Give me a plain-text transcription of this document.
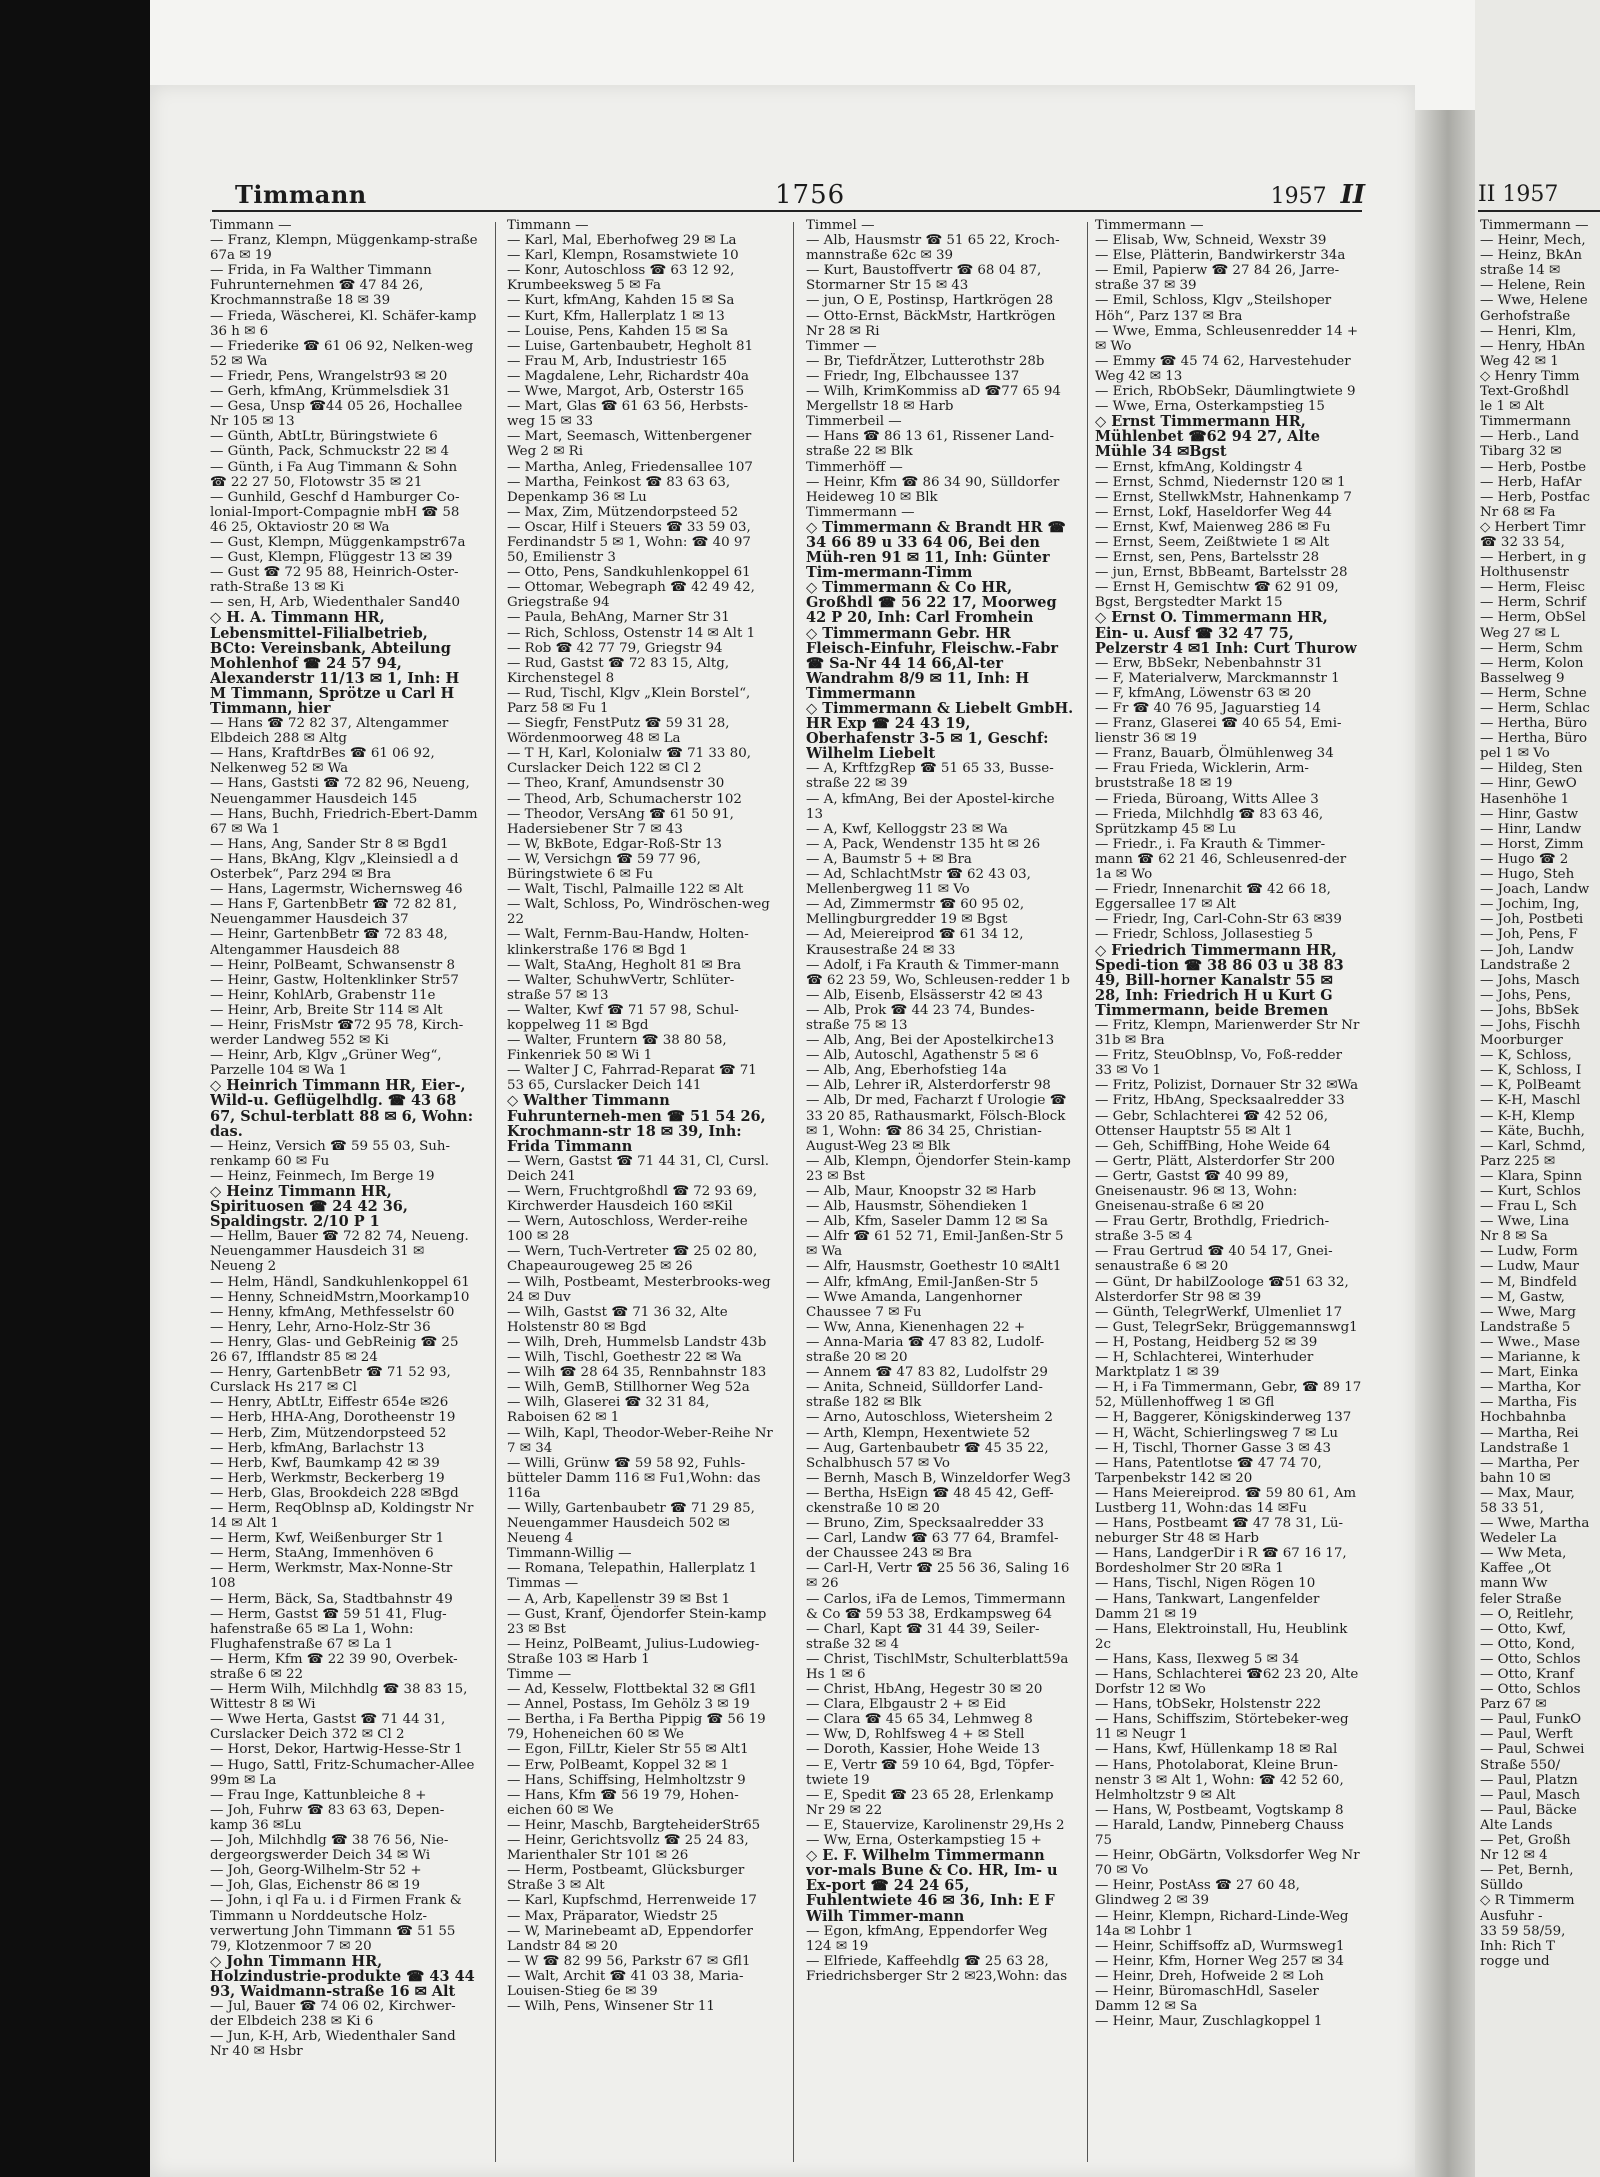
Timmann	1756	1957 II
Timmann —
— Franz, Klempn, Müggenkamp-straße 67a ✉ 19
— Frida, in Fa Walther Timmann Fuhrunternehmen ☎ 47 84 26, Krochmannstraße 18 ✉ 39
— Frieda, Wäscherei, Kl. Schäfer-kamp 36 h ✉ 6
— Friederike ☎ 61 06 92, Nelken-weg 52 ✉ Wa
— Friedr, Pens, Wrangelstr93 ✉ 20
— Gerh, kfmAng, Krümmelsdiek 31
— Gesa, Unsp ☎44 05 26, Hochallee Nr 105 ✉ 13
— Günth, AbtLtr, Büringstwiete 6
— Günth, Pack, Schmuckstr 22 ✉ 4
— Günth, i Fa Aug Timmann & Sohn ☎ 22 27 50, Flotowstr 35 ✉ 21
— Gunhild, Geschf d Hamburger Co-lonial-Import-Compagnie mbH ☎ 58 46 25, Oktaviostr 20 ✉ Wa
— Gust, Klempn, Müggenkampstr67a
— Gust, Klempn, Flüggestr 13 ✉ 39
— Gust ☎ 72 95 88, Heinrich-Oster-rath-Straße 13 ✉ Ki
— sen, H, Arb, Wiedenthaler Sand40
◇ H. A. Timmann HR, Lebensmittel-Filialbetrieb, BCto: Vereinsbank, Abteilung Mohlenhof ☎ 24 57 94, Alexanderstr 11/13 ✉ 1, Inh: H M Timmann, Sprötze u Carl H Timmann, hier
— Hans ☎ 72 82 37, Altengammer Elbdeich 288 ✉ Altg
— Hans, KraftdrBes ☎ 61 06 92, Nelkenweg 52 ✉ Wa
— Hans, Gaststi ☎ 72 82 96, Neueng, Neuengammer Hausdeich 145
— Hans, Buchh, Friedrich-Ebert-Damm 67 ✉ Wa 1
— Hans, Ang, Sander Str 8 ✉ Bgd1
— Hans, BkAng, Klgv „Kleinsiedl a d Osterbek“, Parz 294 ✉ Bra
— Hans, Lagermstr, Wichernsweg 46
— Hans F, GartenbBetr ☎ 72 82 81, Neuengammer Hausdeich 37
— Heinr, GartenbBetr ☎ 72 83 48, Altengammer Hausdeich 88
— Heinr, PolBeamt, Schwansenstr 8
— Heinr, Gastw, Holtenklinker Str57
— Heinr, KohlArb, Grabenstr 11e
— Heinr, Arb, Breite Str 114 ✉ Alt
— Heinr, FrisMstr ☎72 95 78, Kirch-werder Landweg 552 ✉ Ki
— Heinr, Arb, Klgv „Grüner Weg“, Parzelle 104 ✉ Wa 1
◇ Heinrich Timmann HR, Eier-, Wild-u. Geflügelhdlg. ☎ 43 68 67, Schul-terblatt 88 ✉ 6, Wohn: das.
— Heinz, Versich ☎ 59 55 03, Suh-renkamp 60 ✉ Fu
— Heinz, Feinmech, Im Berge 19
◇ Heinz Timmann HR, Spirituosen ☎ 24 42 36, Spaldingstr. 2/10 P 1
— Hellm, Bauer ☎ 72 82 74, Neueng. Neuengammer Hausdeich 31 ✉ Neueng 2
— Helm, Händl, Sandkuhlenkoppel 61
— Henny, SchneidMstrn,Moorkamp10
— Henny, kfmAng, Methfesselstr 60
— Henry, Lehr, Arno-Holz-Str 36
— Henry, Glas- und GebReinig ☎ 25 26 67, Ifflandstr 85 ✉ 24
— Henry, GartenbBetr ☎ 71 52 93, Curslack Hs 217 ✉ Cl
— Henry, AbtLtr, Eiffestr 654e ✉26
— Herb, HHA-Ang, Dorotheenstr 19
— Herb, Zim, Mützendorpsteed 52
— Herb, kfmAng, Barlachstr 13
— Herb, Kwf, Baumkamp 42 ✉ 39
— Herb, Werkmstr, Beckerberg 19
— Herb, Glas, Brookdeich 228 ✉Bgd
— Herm, ReqOblnsp aD, Koldingstr Nr 14 ✉ Alt 1
— Herm, Kwf, Weißenburger Str 1
— Herm, StaAng, Immenhöven 6
— Herm, Werkmstr, Max-Nonne-Str 108
— Herm, Bäck, Sa, Stadtbahnstr 49
— Herm, Gastst ☎ 59 51 41, Flug-hafenstraße 65 ✉ La 1, Wohn: Flughafenstraße 67 ✉ La 1
— Herm, Kfm ☎ 22 39 90, Overbek-straße 6 ✉ 22
— Herm Wilh, Milchhdlg ☎ 38 83 15, Wittestr 8 ✉ Wi
— Wwe Herta, Gastst ☎ 71 44 31, Curslacker Deich 372 ✉ Cl 2
— Horst, Dekor, Hartwig-Hesse-Str 1
— Hugo, Sattl, Fritz-Schumacher-Allee 99m ✉ La
— Frau Inge, Kattunbleiche 8 +
— Joh, Fuhrw ☎ 83 63 63, Depen-kamp 36 ✉Lu
— Joh, Milchhdlg ☎ 38 76 56, Nie-dergeorgswerder Deich 34 ✉ Wi
— Joh, Georg-Wilhelm-Str 52 +
— Joh, Glas, Eichenstr 86 ✉ 19
— John, i ql Fa u. i d Firmen Frank & Timmann u Norddeutsche Holz-verwertung John Timmann ☎ 51 55 79, Klotzenmoor 7 ✉ 20
◇ John Timmann HR, Holzindustrie-produkte ☎ 43 44 93, Waidmann-straße 16 ✉ Alt
— Jul, Bauer ☎ 74 06 02, Kirchwer-der Elbdeich 238 ✉ Ki 6
— Jun, K-H, Arb, Wiedenthaler Sand Nr 40 ✉ Hsbr
Timmann —
— Karl, Mal, Eberhofweg 29 ✉ La
— Karl, Klempn, Rosamstwiete 10
— Konr, Autoschloss ☎ 63 12 92, Krumbeeksweg 5 ✉ Fa
— Kurt, kfmAng, Kahden 15 ✉ Sa
— Kurt, Kfm, Hallerplatz 1 ✉ 13
— Louise, Pens, Kahden 15 ✉ Sa
— Luise, Gartenbaubetr, Hegholt 81
— Frau M, Arb, Industriestr 165
— Magdalene, Lehr, Richardstr 40a
— Wwe, Margot, Arb, Osterstr 165
— Mart, Glas ☎ 61 63 56, Herbsts-weg 15 ✉ 33
— Mart, Seemasch, Wittenbergener Weg 2 ✉ Ri
— Martha, Anleg, Friedensallee 107
— Martha, Feinkost ☎ 83 63 63, Depenkamp 36 ✉ Lu
— Max, Zim, Mützendorpsteed 52
— Oscar, Hilf i Steuers ☎ 33 59 03, Ferdinandstr 5 ✉ 1, Wohn: ☎ 40 97 50, Emilienstr 3
— Otto, Pens, Sandkuhlenkoppel 61
— Ottomar, Webegraph ☎ 42 49 42, Griegstraße 94
— Paula, BehAng, Marner Str 31
— Rich, Schloss, Ostenstr 14 ✉ Alt 1
— Rob ☎ 42 77 79, Griegstr 94
— Rud, Gastst ☎ 72 83 15, Altg, Kirchenstegel 8
— Rud, Tischl, Klgv „Klein Borstel“, Parz 58 ✉ Fu 1
— Siegfr, FenstPutz ☎ 59 31 28, Wördenmoorweg 48 ✉ La
— T H, Karl, Kolonialw ☎ 71 33 80, Curslacker Deich 122 ✉ Cl 2
— Theo, Kranf, Amundsenstr 30
— Theod, Arb, Schumacherstr 102
— Theodor, VersAng ☎ 61 50 91, Hadersiebener Str 7 ✉ 43
— W, BkBote, Edgar-Roß-Str 13
— W, Versichgn ☎ 59 77 96, Büringstwiete 6 ✉ Fu
— Walt, Tischl, Palmaille 122 ✉ Alt
— Walt, Schloss, Po, Windröschen-weg 22
— Walt, Fernm-Bau-Handw, Holten-klinkerstraße 176 ✉ Bgd 1
— Walt, StaAng, Hegholt 81 ✉ Bra
— Walter, SchuhwVertr, Schlüter-straße 57 ✉ 13
— Walter, Kwf ☎ 71 57 98, Schul-koppelweg 11 ✉ Bgd
— Walter, Fruntern ☎ 38 80 58, Finkenriek 50 ✉ Wi 1
— Walter J C, Fahrrad-Reparat ☎ 71 53 65, Curslacker Deich 141
◇ Walther Timmann Fuhrunterneh-men ☎ 51 54 26, Krochmann-str 18 ✉ 39, Inh: Frida Timmann
— Wern, Gastst ☎ 71 44 31, Cl, Cursl. Deich 241
— Wern, Fruchtgroßhdl ☎ 72 93 69, Kirchwerder Hausdeich 160 ✉Kil
— Wern, Autoschloss, Werder-reihe 100 ✉ 28
— Wern, Tuch-Vertreter ☎ 25 02 80, Chapeaurougeweg 25 ✉ 26
— Wilh, Postbeamt, Mesterbrooks-weg 24 ✉ Duv
— Wilh, Gastst ☎ 71 36 32, Alte Holstenstr 80 ✉ Bgd
— Wilh, Dreh, Hummelsb Landstr 43b
— Wilh, Tischl, Goethestr 22 ✉ Wa
— Wilh ☎ 28 64 35, Rennbahnstr 183
— Wilh, GemB, Stillhorner Weg 52a
— Wilh, Glaserei ☎ 32 31 84, Raboisen 62 ✉ 1
— Wilh, Kapl, Theodor-Weber-Reihe Nr 7 ✉ 34
— Willi, Grünw ☎ 59 58 92, Fuhls-bütteler Damm 116 ✉ Fu1,Wohn: das 116a
— Willy, Gartenbaubetr ☎ 71 29 85, Neuengammer Hausdeich 502 ✉ Neueng 4
Timmann-Willig —
— Romana, Telepathin, Hallerplatz 1
Timmas —
— A, Arb, Kapellenstr 39 ✉ Bst 1
— Gust, Kranf, Öjendorfer Stein-kamp 23 ✉ Bst
— Heinz, PolBeamt, Julius-Ludowieg-Straße 103 ✉ Harb 1
Timme —
— Ad, Kesselw, Flottbektal 32 ✉ Gfl1
— Annel, Postass, Im Gehölz 3 ✉ 19
— Bertha, i Fa Bertha Pippig ☎ 56 19 79, Hoheneichen 60 ✉ We
— Egon, FilLtr, Kieler Str 55 ✉ Alt1
— Erw, PolBeamt, Koppel 32 ✉ 1
— Hans, Schiffsing, Helmholtzstr 9
— Hans, Kfm ☎ 56 19 79, Hohen-eichen 60 ✉ We
— Heinr, Maschb, BargteheiderStr65
— Heinr, Gerichtsvollz ☎ 25 24 83, Marienthaler Str 101 ✉ 26
— Herm, Postbeamt, Glücksburger Straße 3 ✉ Alt
— Karl, Kupfschmd, Herrenweide 17
— Max, Präparator, Wiedstr 25
— W, Marinebeamt aD, Eppendorfer Landstr 84 ✉ 20
— W ☎ 82 99 56, Parkstr 67 ✉ Gfl1
— Walt, Archit ☎ 41 03 38, Maria-Louisen-Stieg 6e ✉ 39
— Wilh, Pens, Winsener Str 11
Timmel —
— Alb, Hausmstr ☎ 51 65 22, Kroch-mannstraße 62c ✉ 39
— Kurt, Baustoffvertr ☎ 68 04 87, Stormarner Str 15 ✉ 43
— jun, O E, Postinsp, Hartkrögen 28
— Otto-Ernst, BäckMstr, Hartkrögen Nr 28 ✉ Ri
Timmer —
— Br, TiefdrÄtzer, Lutterothstr 28b
— Friedr, Ing, Elbchaussee 137
— Wilh, KrimKommiss aD ☎77 65 94 Mergellstr 18 ✉ Harb
Timmerbeil —
— Hans ☎ 86 13 61, Rissener Land-straße 22 ✉ Blk
Timmerhöff —
— Heinr, Kfm ☎ 86 34 90, Sülldorfer Heideweg 10 ✉ Blk
Timmermann —
◇ Timmermann & Brandt HR ☎ 34 66 89 u 33 64 06, Bei den Müh-ren 91 ✉ 11, Inh: Günter Tim-mermann-Timm
◇ Timmermann & Co HR, Großhdl ☎ 56 22 17, Moorweg 42 P 20, Inh: Carl Fromhein
◇ Timmermann Gebr. HR Fleisch-Einfuhr, Fleischw.-Fabr ☎ Sa-Nr 44 14 66,Al-ter Wandrahm 8/9 ✉ 11, Inh: H Timmermann
◇ Timmermann & Liebelt GmbH. HR Exp ☎ 24 43 19, Oberhafenstr 3-5 ✉ 1, Geschf: Wilhelm Liebelt
— A, KrftfzgRep ☎ 51 65 33, Busse-straße 22 ✉ 39
— A, kfmAng, Bei der Apostel-kirche 13
— A, Kwf, Kelloggstr 23 ✉ Wa
— A, Pack, Wendenstr 135 ht ✉ 26
— A, Baumstr 5 + ✉ Bra
— Ad, SchlachtMstr ☎ 62 43 03, Mellenbergweg 11 ✉ Vo
— Ad, Zimmermstr ☎ 60 95 02, Mellingburgredder 19 ✉ Bgst
— Ad, Meiereiprod ☎ 61 34 12, Krausestraße 24 ✉ 33
— Adolf, i Fa Krauth & Timmer-mann ☎ 62 23 59, Wo, Schleusen-redder 1 b
— Alb, Eisenb, Elsässerstr 42 ✉ 43
— Alb, Prok ☎ 44 23 74, Bundes-straße 75 ✉ 13
— Alb, Ang, Bei der Apostelkirche13
— Alb, Autoschl, Agathenstr 5 ✉ 6
— Alb, Ang, Eberhofstieg 14a
— Alb, Lehrer iR, Alsterdorferstr 98
— Alb, Dr med, Facharzt f Urologie ☎ 33 20 85, Rathausmarkt, Fölsch-Block ✉ 1, Wohn: ☎ 86 34 25, Christian-August-Weg 23 ✉ Blk
— Alb, Klempn, Öjendorfer Stein-kamp 23 ✉ Bst
— Alb, Maur, Knoopstr 32 ✉ Harb
— Alb, Hausmstr, Söhendieken 1
— Alb, Kfm, Saseler Damm 12 ✉ Sa
— Alfr ☎ 61 52 71, Emil-Janßen-Str 5 ✉ Wa
— Alfr, Hausmstr, Goethestr 10 ✉Alt1
— Alfr, kfmAng, Emil-Janßen-Str 5
— Wwe Amanda, Langenhorner Chaussee 7 ✉ Fu
— Ww, Anna, Kienenhagen 22 +
— Anna-Maria ☎ 47 83 82, Ludolf-straße 20 ✉ 20
— Annem ☎ 47 83 82, Ludolfstr 29
— Anita, Schneid, Sülldorfer Land-straße 182 ✉ Blk
— Arno, Autoschloss, Wietersheim 2
— Arth, Klempn, Hexentwiete 52
— Aug, Gartenbaubetr ☎ 45 35 22, Schalbhusch 57 ✉ Vo
— Bernh, Masch B, Winzeldorfer Weg3
— Bertha, HsEign ☎ 48 45 42, Geff-ckenstraße 10 ✉ 20
— Bruno, Zim, Specksaalredder 33
— Carl, Landw ☎ 63 77 64, Bramfel-der Chaussee 243 ✉ Bra
— Carl-H, Vertr ☎ 25 56 36, Saling 16 ✉ 26
— Carlos, iFa de Lemos, Timmermann & Co ☎ 59 53 38, Erdkampsweg 64
— Charl, Kapt ☎ 31 44 39, Seiler-straße 32 ✉ 4
— Christ, TischlMstr, Schulterblatt59a Hs 1 ✉ 6
— Christ, HbAng, Hegestr 30 ✉ 20
— Clara, Elbgaustr 2 + ✉ Eid
— Clara ☎ 45 65 34, Lehmweg 8
— Ww, D, Rohlfsweg 4 + ✉ Stell
— Doroth, Kassier, Hohe Weide 13
— E, Vertr ☎ 59 10 64, Bgd, Töpfer-twiete 19
— E, Spedit ☎ 23 65 28, Erlenkamp Nr 29 ✉ 22
— E, Stauervize, Karolinenstr 29,Hs 2
— Ww, Erna, Osterkampstieg 15 +
◇ E. F. Wilhelm Timmermann vor-mals Bune & Co. HR, Im- u Ex-port ☎ 24 24 65, Fuhlentwiete 46 ✉ 36, Inh: E F Wilh Timmer-mann
— Egon, kfmAng, Eppendorfer Weg 124 ✉ 19
— Elfriede, Kaffeehdlg ☎ 25 63 28, Friedrichsberger Str 2 ✉23,Wohn: das
Timmermann —
— Elisab, Ww, Schneid, Wexstr 39
— Else, Plätterin, Bandwirkerstr 34a
— Emil, Papierw ☎ 27 84 26, Jarre-straße 37 ✉ 39
— Emil, Schloss, Klgv „Steilshoper Höh“, Parz 137 ✉ Bra
— Wwe, Emma, Schleusenredder 14 + ✉ Wo
— Emmy ☎ 45 74 62, Harvestehuder Weg 42 ✉ 13
— Erich, RbObSekr, Däumlingtwiete 9
— Wwe, Erna, Osterkampstieg 15
◇ Ernst Timmermann HR, Mühlenbet ☎62 94 27, Alte Mühle 34 ✉Bgst
— Ernst, kfmAng, Koldingstr 4
— Ernst, Schmd, Niedernstr 120 ✉ 1
— Ernst, StellwkMstr, Hahnenkamp 7
— Ernst, Lokf, Haseldorfer Weg 44
— Ernst, Kwf, Maienweg 286 ✉ Fu
— Ernst, Seem, Zeißtwiete 1 ✉ Alt
— Ernst, sen, Pens, Bartelsstr 28
— jun, Ernst, BbBeamt, Bartelsstr 28
— Ernst H, Gemischtw ☎ 62 91 09, Bgst, Bergstedter Markt 15
◇ Ernst O. Timmermann HR, Ein- u. Ausf ☎ 32 47 75, Pelzerstr 4 ✉1 Inh: Curt Thurow
— Erw, BbSekr, Nebenbahnstr 31
— F, Materialverw, Marckmannstr 1
— F, kfmAng, Löwenstr 63 ✉ 20
— Fr ☎ 40 76 95, Jaguarstieg 14
— Franz, Glaserei ☎ 40 65 54, Emi-lienstr 36 ✉ 19
— Franz, Bauarb, Ölmühlenweg 34
— Frau Frieda, Wicklerin, Arm-bruststraße 18 ✉ 19
— Frieda, Büroang, Witts Allee 3
— Frieda, Milchhdlg ☎ 83 63 46, Sprützkamp 45 ✉ Lu
— Friedr., i. Fa Krauth & Timmer-mann ☎ 62 21 46, Schleusenred-der 1a ✉ Wo
— Friedr, Innenarchit ☎ 42 66 18, Eggersallee 17 ✉ Alt
— Friedr, Ing, Carl-Cohn-Str 63 ✉39
— Friedr, Schloss, Jollasestieg 5
◇ Friedrich Timmermann HR, Spedi-tion ☎ 38 86 03 u 38 83 49, Bill-horner Kanalstr 55 ✉ 28, Inh: Friedrich H u Kurt G Timmermann, beide Bremen
— Fritz, Klempn, Marienwerder Str Nr 31b ✉ Bra
— Fritz, SteuOblnsp, Vo, Foß-redder 33 ✉ Vo 1
— Fritz, Polizist, Dornauer Str 32 ✉Wa
— Fritz, HbAng, Specksaalredder 33
— Gebr, Schlachterei ☎ 42 52 06, Ottenser Hauptstr 55 ✉ Alt 1
— Geh, SchiffBing, Hohe Weide 64
— Gertr, Plätt, Alsterdorfer Str 200
— Gertr, Gastst ☎ 40 99 89, Gneisenaustr. 96 ✉ 13, Wohn: Gneisenau-straße 6 ✉ 20
— Frau Gertr, Brothdlg, Friedrich-straße 3-5 ✉ 4
— Frau Gertrud ☎ 40 54 17, Gnei-senaustraße 6 ✉ 20
— Günt, Dr habilZoologe ☎51 63 32, Alsterdorfer Str 98 ✉ 39
— Günth, TelegrWerkf, Ulmenliet 17
— Gust, TelegrSekr, Brüggemannswg1
— H, Postang, Heidberg 52 ✉ 39
— H, Schlachterei, Winterhuder Marktplatz 1 ✉ 39
— H, i Fa Timmermann, Gebr, ☎ 89 17 52, Müllenhoffweg 1 ✉ Gfl
— H, Baggerer, Königskinderweg 137
— H, Wächt, Schierlingsweg 7 ✉ Lu
— H, Tischl, Thorner Gasse 3 ✉ 43
— Hans, Patentlotse ☎ 47 74 70, Tarpenbekstr 142 ✉ 20
— Hans Meiereiprod. ☎ 59 80 61, Am Lustberg 11, Wohn:das 14 ✉Fu
— Hans, Postbeamt ☎ 47 78 31, Lü-neburger Str 48 ✉ Harb
— Hans, LandgerDir i R ☎ 67 16 17, Bordesholmer Str 20 ✉Ra 1
— Hans, Tischl, Nigen Rögen 10
— Hans, Tankwart, Langenfelder Damm 21 ✉ 19
— Hans, Elektroinstall, Hu, Heublink 2c
— Hans, Kass, Ilexweg 5 ✉ 34
— Hans, Schlachterei ☎62 23 20, Alte Dorfstr 12 ✉ Wo
— Hans, tObSekr, Holstenstr 222
— Hans, Schiffszim, Störtebeker-weg 11 ✉ Neugr 1
— Hans, Kwf, Hüllenkamp 18 ✉ Ral
— Hans, Photolaborat, Kleine Brun-nenstr 3 ✉ Alt 1, Wohn: ☎ 42 52 60, Helmholtzstr 9 ✉ Alt
— Hans, W, Postbeamt, Vogtskamp 8
— Harald, Landw, Pinneberg Chauss 75
— Heinr, ObGärtn, Volksdorfer Weg Nr 70 ✉ Vo
— Heinr, PostAss ☎ 27 60 48, Glindweg 2 ✉ 39
— Heinr, Klempn, Richard-Linde-Weg 14a ✉ Lohbr 1
— Heinr, Schiffsoffz aD, Wurmsweg1
— Heinr, Kfm, Horner Weg 257 ✉ 34
— Heinr, Dreh, Hofweide 2 ✉ Loh
— Heinr, BüromaschHdl, Saseler Damm 12 ✉ Sa
— Heinr, Maur, Zuschlagkoppel 1
II 1957
Timmermann —
— Heinr, Mech,
— Heinz, BkAn
straße 14 ✉
— Helene, Rein
— Wwe, Helene
Gerhofstraße
— Henri, Klm,
— Henry, HbAn
Weg 42 ✉ 1
◇ Henry Timm
Text-Großhdl
le 1 ✉ Alt
Timmermann
— Herb., Land
Tibarg 32 ✉
— Herb, Postbe
— Herb, HafAr
— Herb, Postfac
Nr 68 ✉ Fa
◇ Herbert Timr
☎ 32 33 54,
— Herbert, in g
Holthusenstr
— Herm, Fleisc
— Herm, Schrif
— Herm, ObSel
Weg 27 ✉ L
— Herm, Schm
— Herm, Kolon
Basselweg 9
— Herm, Schne
— Herm, Schlac
— Hertha, Büro
— Hertha, Büro
pel 1 ✉ Vo
— Hildeg, Sten
— Hinr, GewO
Hasenhöhe 1
— Hinr, Gastw
— Hinr, Landw
— Horst, Zimm
— Hugo ☎ 2
— Hugo, Steh
— Joach, Landw
— Jochim, Ing,
— Joh, Postbeti
— Joh, Pens, F
— Joh, Landw
Landstraße 2
— Johs, Masch
— Johs, Pens,
— Johs, BbSek
— Johs, Fischh
Moorburger
— K, Schloss,
— K, Schloss, I
— K, PolBeamt
— K-H, Maschl
— K-H, Klemp
— Käte, Buchh,
— Karl, Schmd,
Parz 225 ✉
— Klara, Spinn
— Kurt, Schlos
— Frau L, Sch
— Wwe, Lina
Nr 8 ✉ Sa
— Ludw, Form
— Ludw, Maur
— M, Bindfeld
— M, Gastw,
— Wwe, Marg
Landstraße 5
— Wwe., Mase
— Marianne, k
— Mart, Einka
— Martha, Kor
— Martha, Fis
Hochbahnba
— Martha, Rei
Landstraße 1
— Martha, Per
bahn 10 ✉
— Max, Maur,
58 33 51,
— Wwe, Martha
Wedeler La
— Ww Meta,
Kaffee „Ot
mann Ww
feler Straße
— O, Reitlehr,
— Otto, Kwf,
— Otto, Kond,
— Otto, Schlos
— Otto, Kranf
— Otto, Schlos
Parz 67 ✉
— Paul, FunkO
— Paul, Werft
— Paul, Schwei
Straße 550/
— Paul, Platzn
— Paul, Masch
— Paul, Bäcke
Alte Lands
— Pet, Großh
Nr 12 ✉ 4
— Pet, Bernh,
Sülldo
◇ R Timmerm
Ausfuhr -
33 59 58/59,
Inh: Rich T
rogge und
